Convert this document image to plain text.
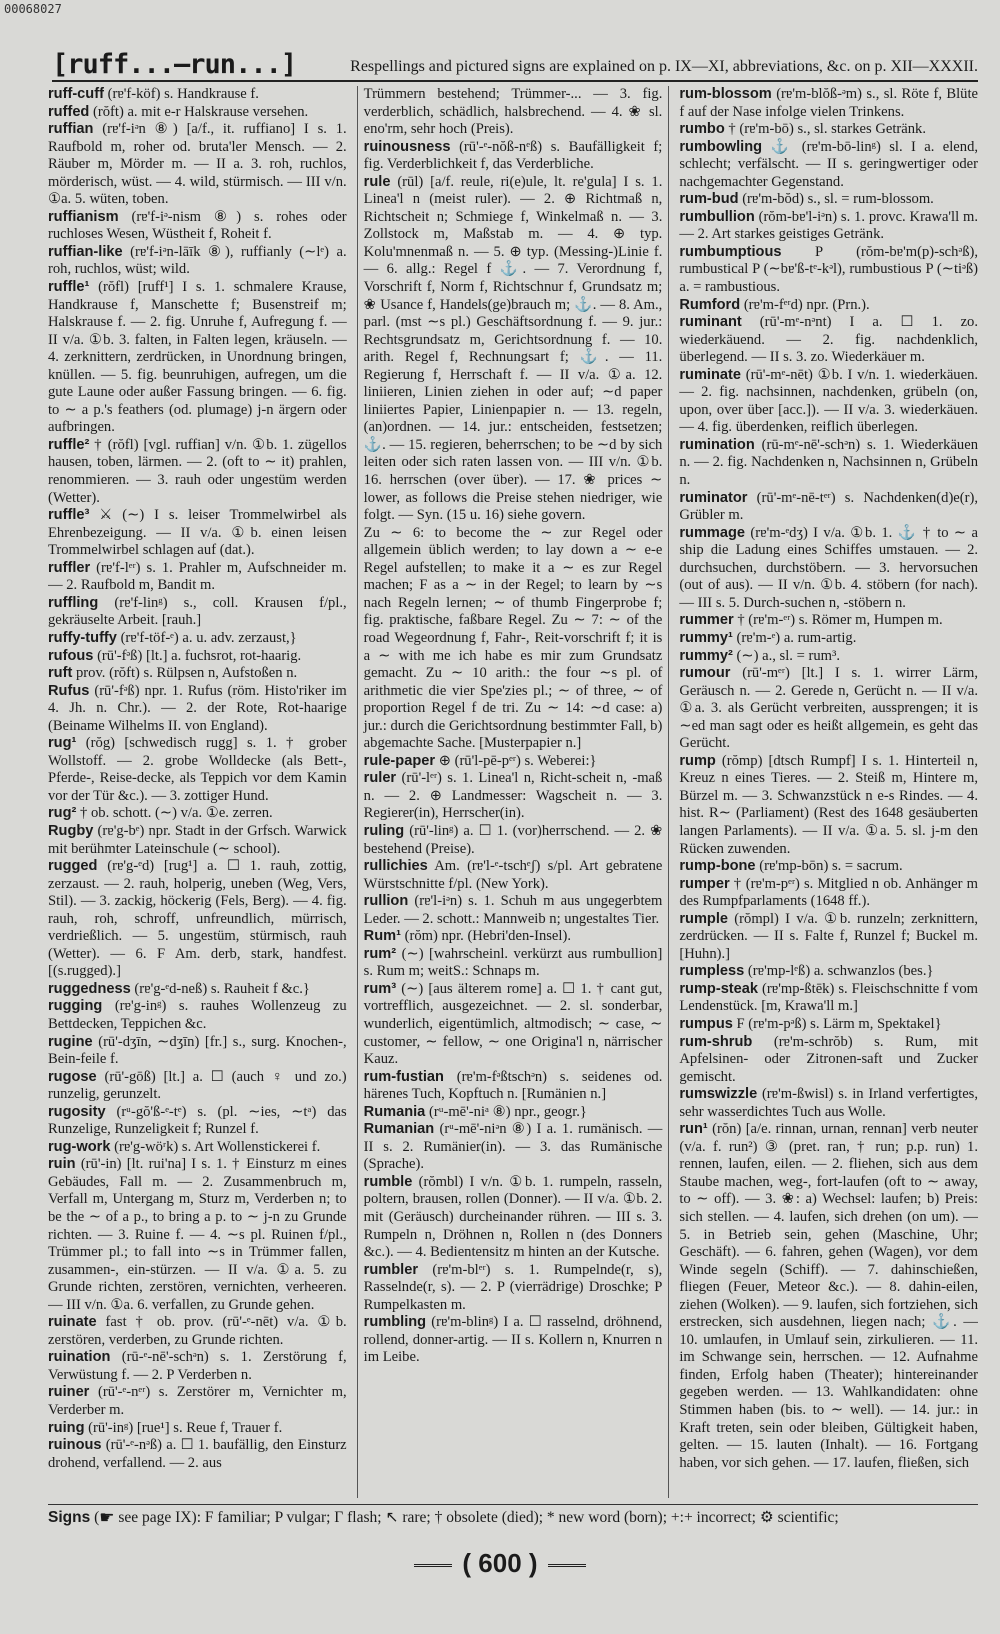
00068027
[ruff...—run...]	Respellings and pictured signs are explained on p. IX—XI, abbreviations, &c. on p. XII—XXXII.

ruff-cuff (rɐ'f-köf) s. Handkrause f.

ruffed (rŏft) a. mit e-r Halskrause versehen.

ruffian (rɐ'f-iᵊn ⑧) [a/f., it. ruffiano] I s. 1. Raufbold m, roher od. bruta'ler Mensch. — 2. Räuber m, Mörder m. — II a. 3. roh, ruchlos, mörderisch, wüst. — 4. wild, stürmisch. — III v/n. ①a. 5. wüten, toben.

ruffianism (rɐ'f-iᵊ-nism ⑧) s. rohes oder ruchloses Wesen, Wüstheit f, Roheit f.

ruffian-like (rɐ'f-iᵊn-lāīk ⑧), ruffianly (∼lᵉ) a. roh, ruchlos, wüst; wild.

ruffle¹ (rŏfl) [ruff¹] I s. 1. schmalere Krause, Handkrause f, Manschette f; Busenstreif m; Halskrause f. — 2. fig. Unruhe f, Aufregung f. — II v/a. ①b. 3. falten, in Falten legen, kräuseln. — 4. zerknittern, zerdrücken, in Unordnung bringen, knüllen. — 5. fig. beunruhigen, aufregen, um die gute Laune oder außer Fassung bringen. — 6. fig. to ∼ a p.'s feathers (od. plumage) j-n ärgern oder aufbringen.

ruffle² † (rŏfl) [vgl. ruffian] v/n. ①b. 1. zügellos hausen, toben, lärmen. — 2. (oft to ∼ it) prahlen, renommieren. — 3. rauh oder ungestüm werden (Wetter).

ruffle³ ⚔ (∼) I s. leiser Trommelwirbel als Ehrenbezeigung. — II v/a. ①b. einen leisen Trommelwirbel schlagen auf (dat.).

ruffler (rɐ'f-lᵉʳ) s. 1. Prahler m, Aufschneider m. — 2. Raufbold m, Bandit m.

ruffling (rɐ'f-linᵍ) s., coll. Krausen f/pl., gekräuselte Arbeit. [rauh.]

ruffy-tuffy (rɐ'f-töf-ᵉ) a. u. adv. zerzaust,}

rufous (rū'-fᵊß) [lt.] a. fuchsrot, rot-haarig.

ruft prov. (rŏft) s. Rülpsen n, Aufstoßen n.

Rufus (rū'-fᵊß) npr. 1. Rufus (röm. Histo'riker im 4. Jh. n. Chr.). — 2. der Rote, Rot-haarige (Beiname Wilhelms II. von England).

rug¹ (rŏg) [schwedisch rugg] s. 1. † grober Wollstoff. — 2. grobe Wolldecke (als Bett-, Pferde-, Reise-decke, als Teppich vor dem Kamin vor der Tür &c.). — 3. zottiger Hund.

rug² † ob. schott. (∼) v/a. ①e. zerren.

Rugby (rɐ'g-bᵉ) npr. Stadt in der Grfsch. Warwick mit berühmter Lateinschule (∼ school).

rugged (rɐ'g-ᵉd) [rug¹] a. ☐ 1. rauh, zottig, zerzaust. — 2. rauh, holperig, uneben (Weg, Vers, Stil). — 3. zackig, höckerig (Fels, Berg). — 4. fig. rauh, roh, schroff, unfreundlich, mürrisch, verdrießlich. — 5. ungestüm, stürmisch, rauh (Wetter). — 6. F Am. derb, stark, handfest. [(s.rugged).]

ruggedness (rɐ'g-ᵉd-neß) s. Rauheit f &c.}

rugging (rɐ'g-inᵍ) s. rauhes Wollenzeug zu Bettdecken, Teppichen &c.

rugine (rū'-dʒīn, ∼dʒīn) [fr.] s., surg. Knochen-, Bein-feile f.

rugose (rū'-gōß) [lt.] a. ☐ (auch ♀ und zo.) runzelig, gerunzelt.

rugosity (rᵘ-gŏ'ß-ᵉ-tᵉ) s. (pl. ∼ies, ∼tᵃ) das Runzelige, Runzeligkeit f; Runzel f.

rug-work (rɐ'g-wöʳk) s. Art Wollenstickerei f.

ruin (rū'-in) [lt. rui'na] I s. 1. † Einsturz m eines Gebäudes, Fall m. — 2. Zusammenbruch m, Verfall m, Untergang m, Sturz m, Verderben n; to be the ∼ of a p., to bring a p. to ∼ j-n zu Grunde richten. — 3. Ruine f. — 4. ∼s pl. Ruinen f/pl., Trümmer pl.; to fall into ∼s in Trümmer fallen, zusammen-, ein-stürzen. — II v/a. ①a. 5. zu Grunde richten, zerstören, vernichten, verheeren. — III v/n. ①a. 6. verfallen, zu Grunde gehen.

ruinate fast † ob. prov. (rū'-ᵉ-nēt) v/a. ①b. zerstören, verderben, zu Grunde richten.

ruination (rū-ᵉ-nē'-schᵊn) s. 1. Zerstörung f, Verwüstung f. — 2. P Verderben n.

ruiner (rū'-ᵉ-nᵉʳ) s. Zerstörer m, Vernichter m, Verderber m.

ruing (rū'-inᵍ) [rue¹] s. Reue f, Trauer f.

ruinous (rū'-ᵉ-nᵊß) a. ☐ 1. baufällig, den Einsturz drohend, verfallend. — 2. aus

Trümmern bestehend; Trümmer-... — 3. fig. verderblich, schädlich, halsbrechend. — 4. ❀ sl. eno'rm, sehr hoch (Preis).

ruinousness (rū'-ᵉ-nŏß-nᵉß) s. Baufälligkeit f; fig. Verderblichkeit f, das Verderbliche.

rule (rūl) [a/f. reule, ri(e)ule, lt. re'gula] I s. 1. Linea'l n (meist ruler). — 2. ⊕ Richtmaß n, Richtscheit n; Schmiege f, Winkelmaß n. — 3. Zollstock m, Maßstab m. — 4. ⊕ typ. Kolu'mnenmaß n. — 5. ⊕ typ. (Messing-)Linie f. — 6. allg.: Regel f ⚓. — 7. Verordnung f, Vorschrift f, Norm f, Richtschnur f, Grundsatz m; ❀ Usance f, Handels(ge)brauch m; ⚓. — 8. Am., parl. (mst ∼s pl.) Geschäftsordnung f. — 9. jur.: Rechtsgrundsatz m, Gerichtsordnung f. — 10. arith. Regel f, Rechnungsart f; ⚓. — 11. Regierung f, Herrschaft f. — II v/a. ①a. 12. liniieren, Linien ziehen in oder auf; ∼d paper liniiertes Papier, Linienpapier n. — 13. regeln, (an)ordnen. — 14. jur.: entscheiden, festsetzen; ⚓. — 15. regieren, beherrschen; to be ∼d by sich leiten oder sich raten lassen von. — III v/n. ①b. 16. herrschen (over über). — 17. ❀ prices ∼ lower, as follows die Preise stehen niedriger, wie folgt. — Syn. (15 u. 16) siehe govern.

Zu ∼ 6: to become the ∼ zur Regel oder allgemein üblich werden; to lay down a ∼ e-e Regel aufstellen; to make it a ∼ es zur Regel machen; F as a ∼ in der Regel; to learn by ∼s nach Regeln lernen; ∼ of thumb Fingerprobe f; fig. praktische, faßbare Regel. Zu ∼ 7: ∼ of the road Wegeordnung f, Fahr-, Reit-vorschrift f; it is a ∼ with me ich habe es mir zum Grundsatz gemacht. Zu ∼ 10 arith.: the four ∼s pl. of arithmetic die vier Spe'zies pl.; ∼ of three, ∼ of proportion Regel f de tri. Zu ∼ 14: ∼d case: a) jur.: durch die Gerichtsordnung bestimmter Fall, b) abgemachte Sache. [Musterpapier n.]

rule-paper ⊕ (rū'l-pē-pᵉʳ) s. Weberei:}

ruler (rū'-lᵉʳ) s. 1. Linea'l n, Richt-scheit n, -maß n. — 2. ⊕ Landmesser: Wagscheit n. — 3. Regierer(in), Herrscher(in).

ruling (rū'-linᵍ) a. ☐ 1. (vor)herrschend. — 2. ❀ bestehend (Preise).

rullichies Am. (rɐ'l-ᵉ-tschᵉʃ) s/pl. Art gebratene Würstschnitte f/pl. (New York).

rullion (rɐ'l-iᵊn) s. 1. Schuh m aus ungegerbtem Leder. — 2. schott.: Mannweib n; ungestaltes Tier.

Rum¹ (rŏm) npr. (Hebri'den-Insel).

rum² (∼) [wahrscheinl. verkürzt aus rumbullion] s. Rum m; weitS.: Schnaps m.

rum³ (∼) [aus älterem rome] a. ☐ 1. † cant gut, vortrefflich, ausgezeichnet. — 2. sl. sonderbar, wunderlich, eigentümlich, altmodisch; ∼ case, ∼ customer, ∼ fellow, ∼ one Origina'l n, närrischer Kauz.

rum-fustian (rɐ'm-fᵊßtschᵊn) s. seidenes od. härenes Tuch, Kopftuch n. [Rumänien n.]

Rumania (rᵘ-mē'-niᵃ ⑧) npr., geogr.}

Rumanian (rᵘ-mē'-niᵊn ⑧) I a. 1. rumänisch. — II s. 2. Rumänier(in). — 3. das Rumänische (Sprache).

rumble (rŏmbl) I v/n. ①b. 1. rumpeln, rasseln, poltern, brausen, rollen (Donner). — II v/a. ①b. 2. mit (Geräusch) durcheinander rühren. — III s. 3. Rumpeln n, Dröhnen n, Rollen n (des Donners &c.). — 4. Bedientensitz m hinten an der Kutsche.

rumbler (rɐ'm-blᵉʳ) s. 1. Rumpelnde(r, s), Rasselnde(r, s). — 2. P (vierrädrige) Droschke; P Rumpelkasten m.

rumbling (rɐ'm-blinᵍ) I a. ☐ rasselnd, dröhnend, rollend, donner-artig. — II s. Kollern n, Knurren n im Leibe.

rum-blossom (rɐ'm-blŏß-ᵊm) s., sl. Röte f, Blüte f auf der Nase infolge vielen Trinkens.

rumbo † (rɐ'm-bō) s., sl. starkes Getränk.

rumbowling ⚓ (rɐ'm-bō-linᵍ) sl. I a. elend, schlecht; verfälscht. — II s. geringwertiger oder nachgemachter Gegenstand.

rum-bud (rɐ'm-bŏd) s., sl. = rum-blossom.

rumbullion (rŏm-bɐ'l-iᵊn) s. 1. provc. Krawa'll m. — 2. Art starkes geistiges Getränk.

rumbumptious P (rŏm-bɐ'm(p)-schᵊß), rumbustical P (∼bɐ'ß-tᵉ-kᵊl), rumbustious P (∼tiᵊß) a. = rambustious.

Rumford (rɐ'm-fᵉʳd) npr. (Prn.).

ruminant (rū'-mᵉ-nᵊnt) I a. ☐ 1. zo. wiederkäuend. — 2. fig. nachdenklich, überlegend. — II s. 3. zo. Wiederkäuer m.

ruminate (rū'-mᵉ-nēt) ①b. I v/n. 1. wiederkäuen. — 2. fig. nachsinnen, nachdenken, grübeln (on, upon, over über [acc.]). — II v/a. 3. wiederkäuen. — 4. fig. überdenken, reiflich überlegen.

rumination (rū-mᵉ-nē'-schᵊn) s. 1. Wiederkäuen n. — 2. fig. Nachdenken n, Nachsinnen n, Grübeln n.

ruminator (rū'-mᵉ-nē-tᵉʳ) s. Nachdenken(d)e(r), Grübler m.

rummage (rɐ'm-ᵉdʒ) I v/a. ①b. 1. ⚓ † to ∼ a ship die Ladung eines Schiffes umstauen. — 2. durchsuchen, durchstöbern. — 3. hervorsuchen (out of aus). — II v/n. ①b. 4. stöbern (for nach). — III s. 5. Durch-suchen n, -stöbern n.

rummer † (rɐ'm-ᵉʳ) s. Römer m, Humpen m.

rummy¹ (rɐ'm-ᵉ) a. rum-artig.

rummy² (∼) a., sl. = rum³.

rumour (rū'-mᵉʳ) [lt.] I s. 1. wirrer Lärm, Geräusch n. — 2. Gerede n, Gerücht n. — II v/a. ①a. 3. als Gerücht verbreiten, aussprengen; it is ∼ed man sagt oder es heißt allgemein, es geht das Gerücht.

rump (rŏmp) [dtsch Rumpf] I s. 1. Hinterteil n, Kreuz n eines Tieres. — 2. Steiß m, Hintere m, Bürzel m. — 3. Schwanzstück n e-s Rindes. — 4. hist. R∼ (Parliament) (Rest des 1648 gesäuberten langen Parlaments). — II v/a. ①a. 5. sl. j-m den Rücken zuwenden.

rump-bone (rɐ'mp-bōn) s. = sacrum.

rumper † (rɐ'm-pᵉʳ) s. Mitglied n ob. Anhänger m des Rumpfparlaments (1648 ff.).

rumple (rŏmpl) I v/a. ①b. runzeln; zerknittern, zerdrücken. — II s. Falte f, Runzel f; Buckel m. [Huhn).]

rumpless (rɐ'mp-lᵉß) a. schwanzlos (bes.}

rump-steak (rɐ'mp-ßtēk) s. Fleischschnitte f vom Lendenstück. [m, Krawa'll m.]

rumpus F (rɐ'm-pᵊß) s. Lärm m, Spektakel}

rum-shrub (rɐ'm-schrŏb) s. Rum, mit Apfelsinen- oder Zitronen-saft und Zucker gemischt.

rumswizzle (rɐ'm-ßwisl) s. in Irland verfertigtes, sehr wasserdichtes Tuch aus Wolle.

run¹ (rŏn) [a/e. rinnan, urnan, rennan] verb neuter (v/a. f. run²) ③ (pret. ran, † run; p.p. run) 1. rennen, laufen, eilen. — 2. fliehen, sich aus dem Staube machen, weg-, fort-laufen (oft to ∼ away, to ∼ off). — 3. ❀: a) Wechsel: laufen; b) Preis: sich stellen. — 4. laufen, sich drehen (on um). — 5. in Betrieb sein, gehen (Maschine, Uhr; Geschäft). — 6. fahren, gehen (Wagen), vor dem Winde segeln (Schiff). — 7. dahinschießen, fliegen (Feuer, Meteor &c.). — 8. dahin-eilen, ziehen (Wolken). — 9. laufen, sich fortziehen, sich erstrecken, sich ausdehnen, liegen nach; ⚓. — 10. umlaufen, in Umlauf sein, zirkulieren. — 11. im Schwange sein, herrschen. — 12. Aufnahme finden, Erfolg haben (Theater); hintereinander gegeben werden. — 13. Wahlkandidaten: ohne Stimmen haben (bis. to ∼ well). — 14. jur.: in Kraft treten, sein oder bleiben, Gültigkeit haben, gelten. — 15. lauten (Inhalt). — 16. Fortgang haben, vor sich gehen. — 17. laufen, fließen, sich

Signs (☛ see page IX): F familiar; P vulgar; Γ flash; ↖ rare; † obsolete (died); * new word (born); +:+ incorrect; ⚙ scientific;
( 600 )
